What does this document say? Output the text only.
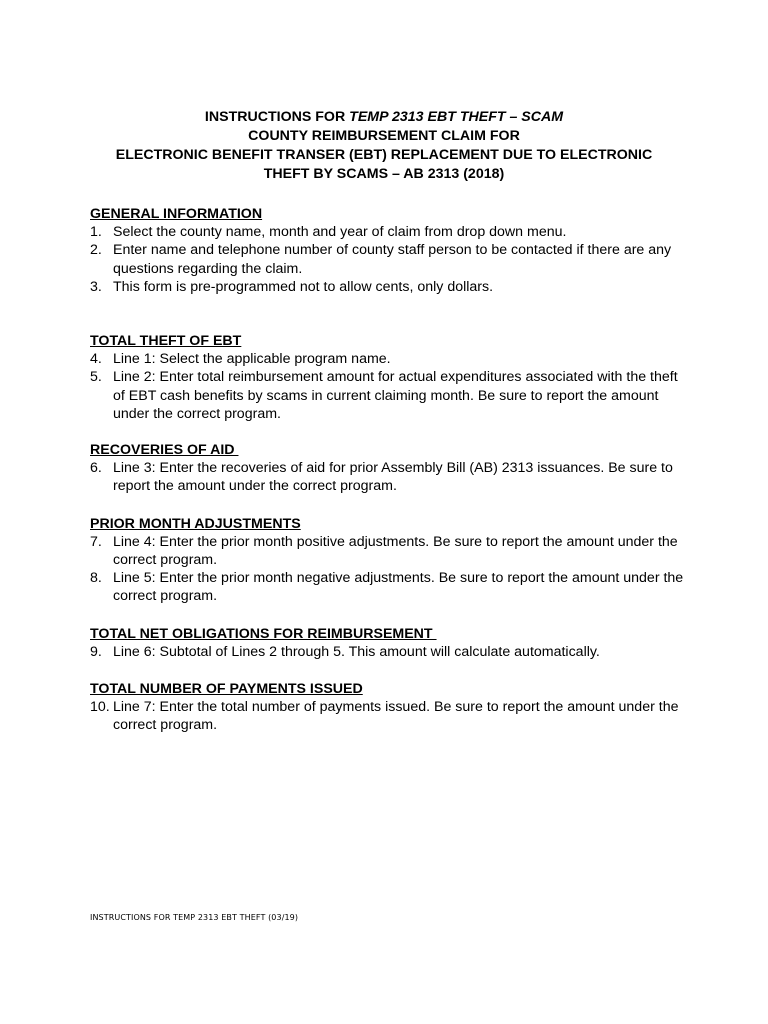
INSTRUCTIONS FOR TEMP 2313 EBT THEFT – SCAM
COUNTY REIMBURSEMENT CLAIM FOR
ELECTRONIC BENEFIT TRANSER (EBT) REPLACEMENT DUE TO ELECTRONIC
THEFT BY SCAMS – AB 2313 (2018)
GENERAL INFORMATION
1. Select the county name, month and year of claim from drop down menu.
2. Enter name and telephone number of county staff person to be contacted if there are any questions regarding the claim.
3. This form is pre-programmed not to allow cents, only dollars.
TOTAL THEFT OF EBT
4. Line 1: Select the applicable program name.
5. Line 2: Enter total reimbursement amount for actual expenditures associated with the theft of EBT cash benefits by scams in current claiming month. Be sure to report the amount under the correct program.
RECOVERIES OF AID
6. Line 3: Enter the recoveries of aid for prior Assembly Bill (AB) 2313 issuances. Be sure to report the amount under the correct program.
PRIOR MONTH ADJUSTMENTS
7. Line 4: Enter the prior month positive adjustments. Be sure to report the amount under the correct program.
8. Line 5: Enter the prior month negative adjustments. Be sure to report the amount under the correct program.
TOTAL NET OBLIGATIONS FOR REIMBURSEMENT
9. Line 6: Subtotal of Lines 2 through 5. This amount will calculate automatically.
TOTAL NUMBER OF PAYMENTS ISSUED
10. Line 7: Enter the total number of payments issued. Be sure to report the amount under the correct program.
INSTRUCTIONS FOR TEMP 2313 EBT THEFT (03/19)
